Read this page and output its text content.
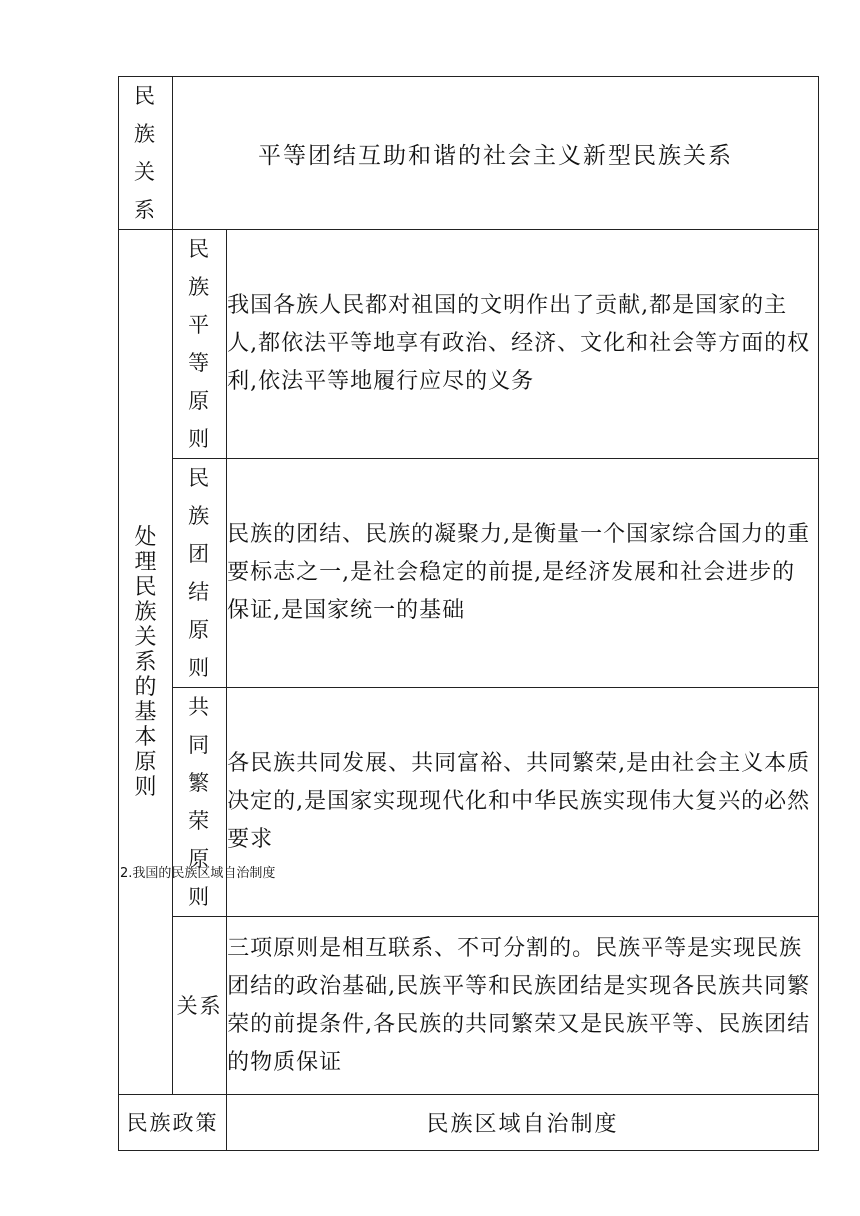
民族关系	平等团结互助和谐的社会主义新型民族关系	

处理民族关系的基本原则	民族平等原则	我国各族人民都对祖国的文明作出了贡献,都是国家的主人,都依法平等地享有政治、经济、文化和社会等方面的权利,依法平等地履行应尽的义务

	民族团结原则	民族的团结、民族的凝聚力,是衡量一个国家综合国力的重要标志之一,是社会稳定的前提,是经济发展和社会进步的保证,是国家统一的基础

	共同繁荣原则	各民族共同发展、共同富裕、共同繁荣,是由社会主义本质决定的,是国家实现现代化和中华民族实现伟大复兴的必然要求

	关系	三项原则是相互联系、不可分割的。民族平等是实现民族团结的政治基础,民族平等和民族团结是实现各民族共同繁荣的前提条件,各民族的共同繁荣又是民族平等、民族团结的物质保证
民族政策		民族区域自治制度
2.我国的民族区域自治制度
